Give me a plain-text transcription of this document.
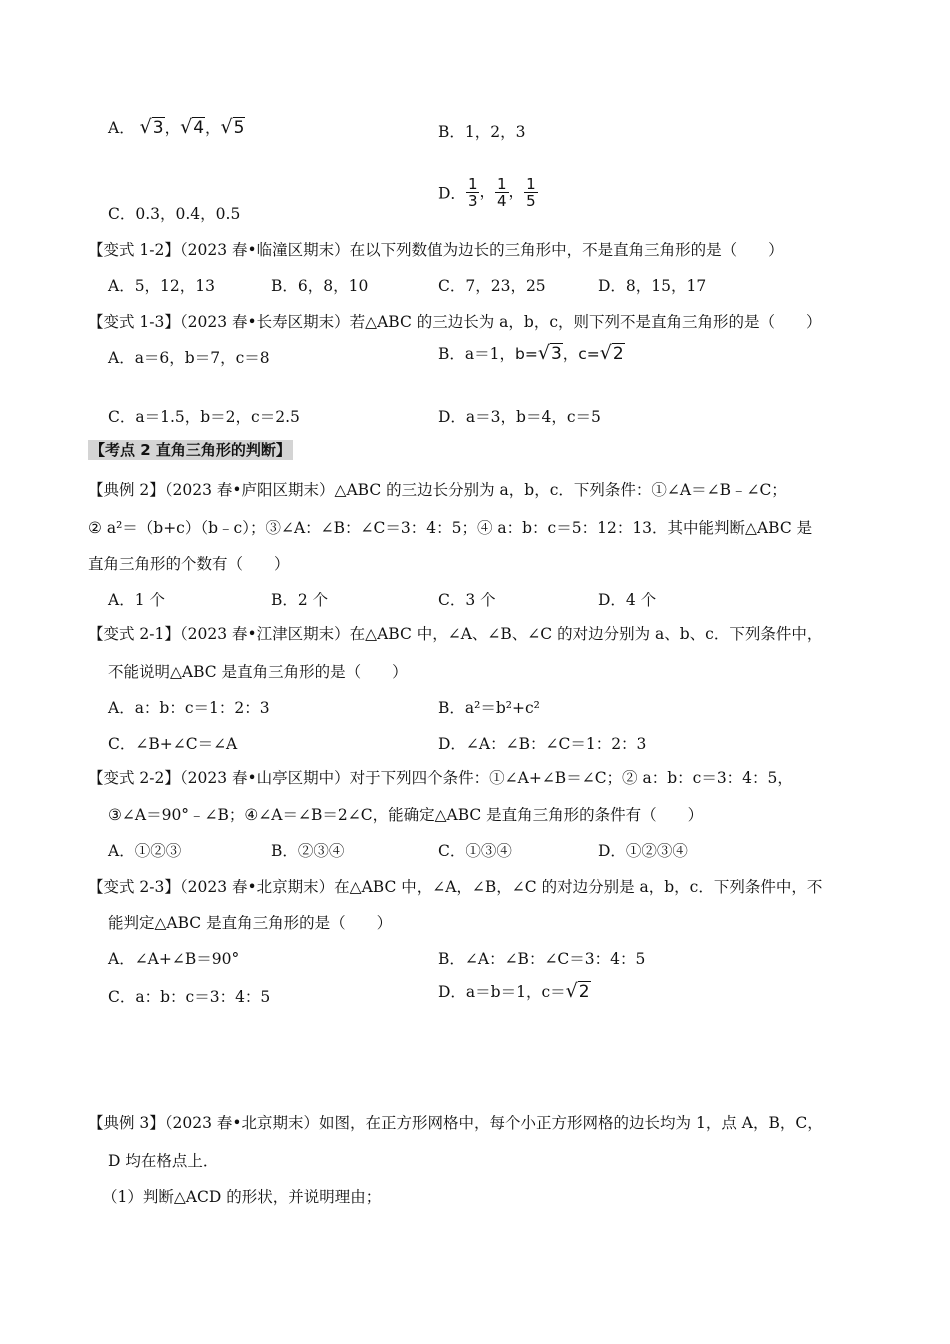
A． √3，√4，√5	B．1，2，3
C．0.3，0.4，0.5
D． $\frac{1}{3}$ ， $\frac{1}{4}$ ， $\frac{1}{5}$
【变式 1-2】（2023 春•临潼区期末）在以下列数值为边长的三角形中，不是直角三角形的是（　　）
A．5，12，13	B．6，8，10	C．7，23，25	D．8，15，17
【变式 1-3】（2023 春•长寿区期末）若△ABC 的三边长为 a，b，c，则下列不是直角三角形的是（　　）
A．a＝6，b＝7，c＝8	B．a＝1，b=√3，c=√2
C．a＝1.5，b＝2，c＝2.5	D．a＝3，b＝4，c＝5
【考点 2 直角三角形的判断】
【典例 2】（2023 春•庐阳区期末）△ABC 的三边长分别为 a，b，c．下列条件：①∠A＝∠B﹣∠C；
② a²＝（b+c）（b﹣c）；③∠A：∠B：∠C＝3：4：5；④ a：b：c＝5：12：13．其中能判断△ABC 是
直角三角形的个数有（　　）
A．1 个	B．2 个	C．3 个	D．4 个
【变式 2-1】（2023 春•江津区期末）在△ABC 中，∠A、∠B、∠C 的对边分别为 a、b、c．下列条件中，
不能说明△ABC 是直角三角形的是（　　）
A．a：b：c＝1：2：3	B．a²＝b²+c²
C．∠B+∠C＝∠A	D．∠A：∠B：∠C＝1：2：3
【变式 2-2】（2023 春•山亭区期中）对于下列四个条件：①∠A+∠B＝∠C；② a：b：c＝3：4：5，
③∠A＝90°﹣∠B；④∠A＝∠B＝2∠C，能确定△ABC 是直角三角形的条件有（　　）
A．①②③	B．②③④	C．①③④	D．①②③④
【变式 2-3】（2023 春•北京期末）在△ABC 中，∠A，∠B，∠C 的对边分别是 a，b，c．下列条件中，不
能判定△ABC 是直角三角形的是（　　）
A．∠A+∠B＝90°	B．∠A：∠B：∠C＝3：4：5
C．a：b：c＝3：4：5	D．a＝b＝1，c＝√2
【典例 3】（2023 春•北京期末）如图，在正方形网格中，每个小正方形网格的边长均为 1，点 A，B，C，
D 均在格点上．
（1）判断△ACD 的形状，并说明理由；
